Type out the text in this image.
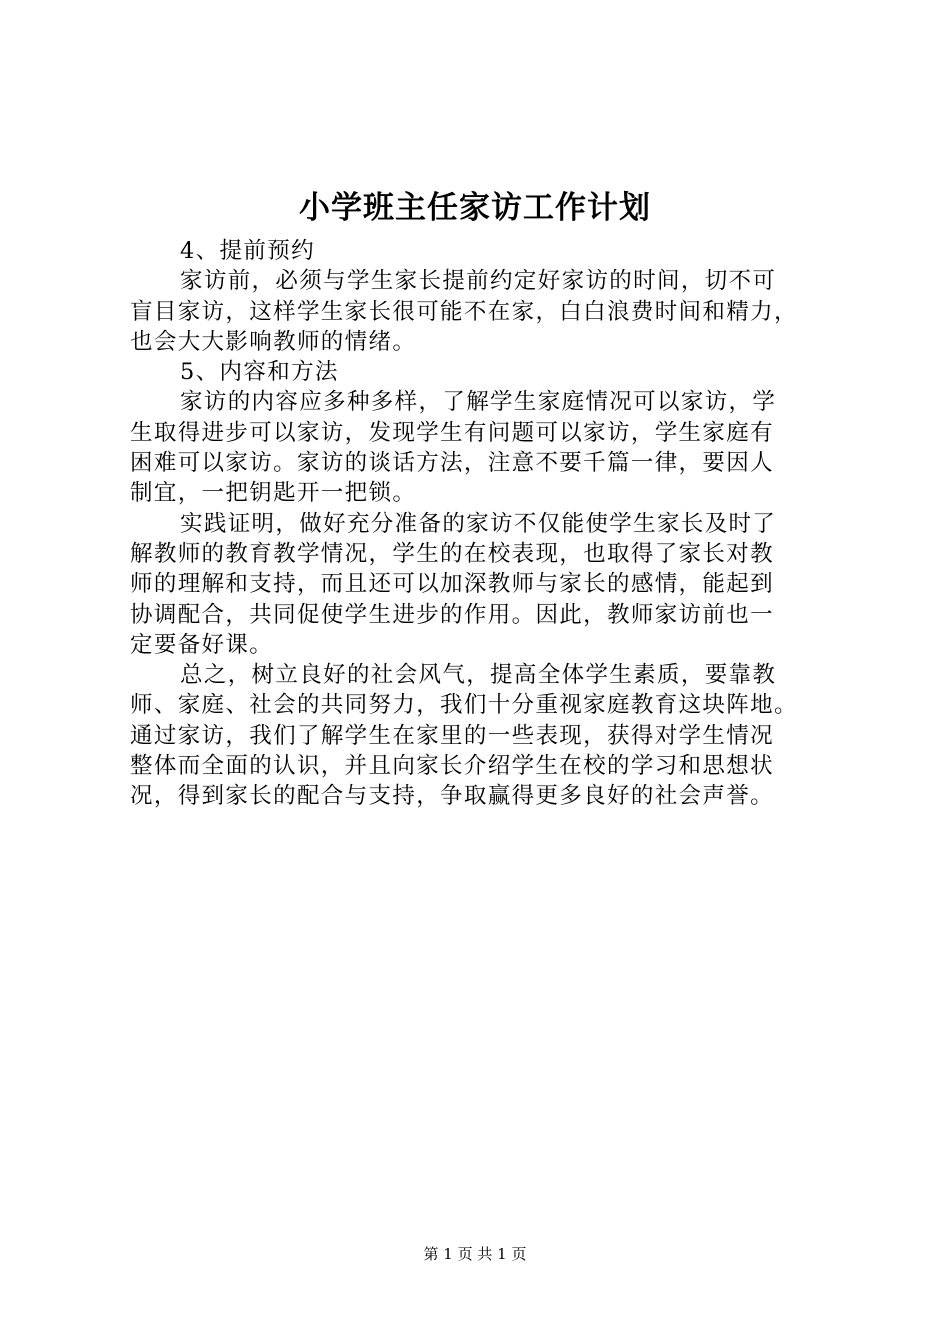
小学班主任家访工作计划
4、提前预约
家访前，必须与学生家长提前约定好家访的时间，切不可
盲目家访，这样学生家长很可能不在家，白白浪费时间和精力，
也会大大影响教师的情绪。
5、内容和方法
家访的内容应多种多样，了解学生家庭情况可以家访，学
生取得进步可以家访，发现学生有问题可以家访，学生家庭有
困难可以家访。家访的谈话方法，注意不要千篇一律，要因人
制宜，一把钥匙开一把锁。
实践证明，做好充分准备的家访不仅能使学生家长及时了
解教师的教育教学情况，学生的在校表现，也取得了家长对教
师的理解和支持，而且还可以加深教师与家长的感情，能起到
协调配合，共同促使学生进步的作用。因此，教师家访前也一
定要备好课。
总之，树立良好的社会风气，提高全体学生素质，要靠教
师、家庭、社会的共同努力，我们十分重视家庭教育这块阵地。
通过家访，我们了解学生在家里的一些表现，获得对学生情况
整体而全面的认识，并且向家长介绍学生在校的学习和思想状
况，得到家长的配合与支持，争取赢得更多良好的社会声誉。
第 1 页 共 1 页
